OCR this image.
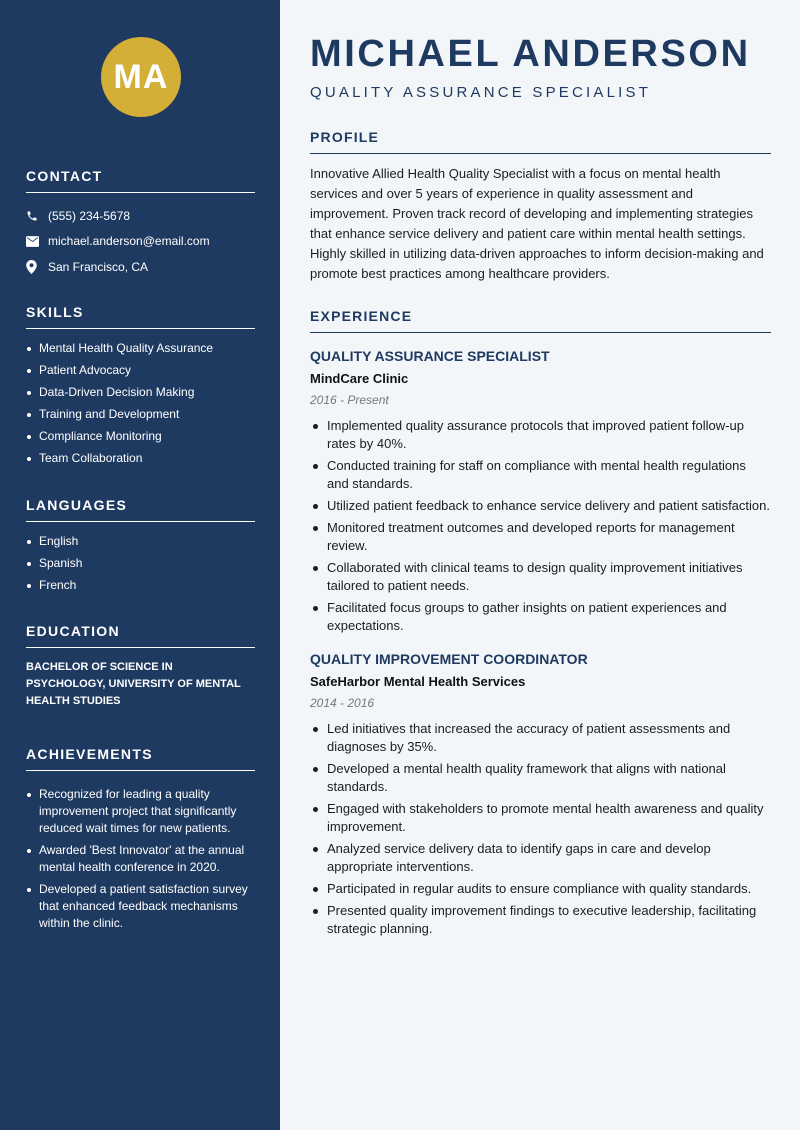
MA
CONTACT
(555) 234-5678
michael.anderson@email.com
San Francisco, CA
SKILLS
Mental Health Quality Assurance
Patient Advocacy
Data-Driven Decision Making
Training and Development
Compliance Monitoring
Team Collaboration
LANGUAGES
English
Spanish
French
EDUCATION
BACHELOR OF SCIENCE IN PSYCHOLOGY, UNIVERSITY OF MENTAL HEALTH STUDIES
ACHIEVEMENTS
Recognized for leading a quality improvement project that significantly reduced wait times for new patients.
Awarded 'Best Innovator' at the annual mental health conference in 2020.
Developed a patient satisfaction survey that enhanced feedback mechanisms within the clinic.
MICHAEL ANDERSON
QUALITY ASSURANCE SPECIALIST
PROFILE

Innovative Allied Health Quality Specialist with a focus on mental health services and over 5 years of experience in quality assessment and improvement. Proven track record of developing and implementing strategies that enhance service delivery and patient care within mental health settings. Highly skilled in utilizing data-driven approaches to inform decision-making and promote best practices among healthcare providers.

EXPERIENCE
QUALITY ASSURANCE SPECIALIST
MindCare Clinic
2016 - Present
Implemented quality assurance protocols that improved patient follow-up rates by 40%.
Conducted training for staff on compliance with mental health regulations and standards.
Utilized patient feedback to enhance service delivery and patient satisfaction.
Monitored treatment outcomes and developed reports for management review.
Collaborated with clinical teams to design quality improvement initiatives tailored to patient needs.
Facilitated focus groups to gather insights on patient experiences and expectations.
QUALITY IMPROVEMENT COORDINATOR
SafeHarbor Mental Health Services
2014 - 2016
Led initiatives that increased the accuracy of patient assessments and diagnoses by 35%.
Developed a mental health quality framework that aligns with national standards.
Engaged with stakeholders to promote mental health awareness and quality improvement.
Analyzed service delivery data to identify gaps in care and develop appropriate interventions.
Participated in regular audits to ensure compliance with quality standards.
Presented quality improvement findings to executive leadership, facilitating strategic planning.
